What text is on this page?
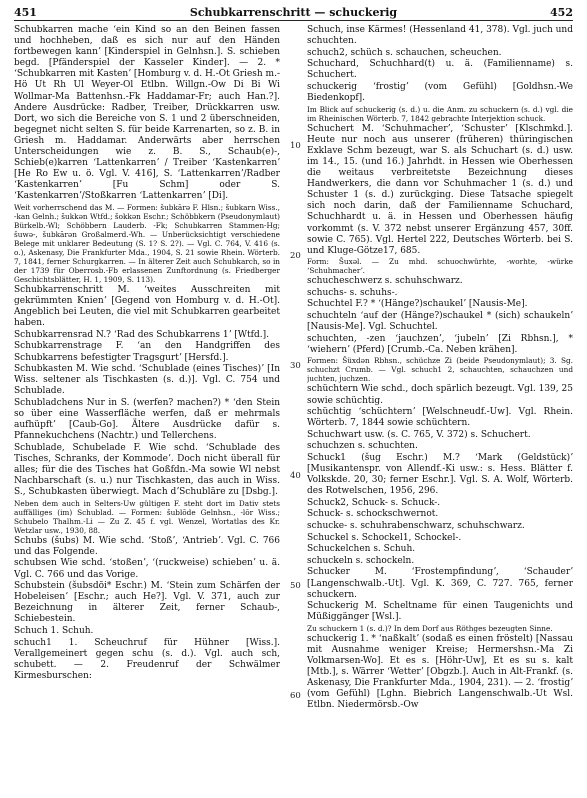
451	Schubkarrenschritt — schuckerig	452

Schubkarren mache ʻein Kind so an den Beinen fassen und hochheben, daß es sich nur auf den Händen fortbewegen kannʼ [Kinderspiel in Gelnhsn.]. S. schieben begd. [Pfänderspiel der Kasseler Kinder]. — 2. * ʻSchubkarren mit Kastenʼ [Homburg v. d. H.-Ot Griesh m.-Hö Ut Rh Ul Weyer-Ol Etlbn. Willgn.-Ow Di Bi Wi Wollmar-Ma Battenhsn.-Fk Haddamar-Fr; auch Han.?]. Andere Ausdrücke: Radber, Treiber, Drückkarren usw. Dort, wo sich die Bereiche von S. 1 und 2 überschneiden, begegnet nicht selten S. für beide Karrenarten, so z. B. in Griesh m. Haddamar. Anderwärts aber herrschen Unterscheidungen wie z. B. S., Schaub(e)-, Schieb(e)karren ʻLattenkarrenʼ / Treiber ʻKastenkarrenʼ [He Ro Ew u. ö. Vgl. V. 416], S. ʻLattenkarrenʼ/Radber ʻKastenkarrenʼ [Fu Schm] oder S. ʻKastenkarrenʼ/Stoßkarren ʻLattenkarrenʼ [Di].

Weit vorherrschend das M. — Formen: šubkārə F. Hlsn.; šubkarn Wiss., -kan Gelnh.; šukkən Wtfd.; šokkən Eschr.; Schöbbkern (Pseudonymlaut) Bürkelb.-Wl; Schöbbern Lauderb. -Fk; Schubkarren Stammen-Hg; šuwə-, šubkārən Großalmerd.-Wh. — Unberücksichtigt verschiedene Belege mit unklarer Bedeutung (S. 1? S. 2?). — Vgl. C. 764, V. 416 (s. o.), Askenasy, Die Frankfurter Mda., 1904, S. 21 sowie Rhein. Wörterb. 7, 1841, ferner Schurgkarren. — In älterer Zeit auch Schubkarch, so in der 1739 für Oberrosb.-Fb erlassenen Zunftordnung (s. Friedberger Geschichtsblätter, H. 1, 1909, S. 113).

Schubkarrenschritt M. ʻweites Ausschreiten mit gekrümmten Knienʼ [Gegend von Homburg v. d. H.-Ot]. Angeblich bei Leuten, die viel mit Schubkarren gearbeitet haben.

Schubkarrensrad N.? ʻRad des Schubkarrens 1ʼ [Wtfd.].

Schubkarrenstrage F. ʻan den Handgriffen des Schubkarrens befestigter Tragsgurtʼ [Hersfd.].

Schubkasten M. Wie schd. ʻSchublade (eines Tisches)ʼ [In Wiss. seltener als Tischkasten (s. d.)]. Vgl. C. 754 und Schublade.

Schubladchens Nur in S. (werfen? machen?) * ʻden Stein so über eine Wasserfläche werfen, daß er mehrmals aufhüpftʼ [Caub-Go]. Ältere Ausdrücke dafür s. Pfannekuchchens (Nachtr.) und Tellerchens.

Schublade, Schubelade F. Wie schd. ʻSchublade des Tisches, Schranks, der Kommodeʼ. Doch nicht überall für alles; für die des Tisches hat Goßfdn.-Ma sowie Wl nebst Nachbarschaft (s. u.) nur Tischkasten, das auch in Wiss. S., Schubkasten überwiegt. Mach dʼSchublāre zu [Dsbg.].

Neben dem auch in Selters-Uw gültigen F. steht dort im Dativ stets auffälliges (im) Schublad. — Formen: šublōde Gelnhsn., -lōr Wiss.; Schubelo Thalhm.-Li — Zu Z. 45 f. vgl. Wenzel, Wortatlas des Kr. Wetzlar usw., 1930, 88.

Schubs (šubs) M. Wie schd. ʻStoßʼ, ʻAntriebʼ. Vgl. C. 766 und das Folgende.

schubsen Wie schd. ʻstoßenʼ, ʻ(ruckweise) schiebenʼ u. ä. Vgl. C. 766 und das Vorige.

Schubstein (šubsdōi* Eschr.) M. ʻStein zum Schärfen der Hobeleisenʼ [Eschr.; auch He?]. Vgl. V. 371, auch zur Bezeichnung in älterer Zeit, ferner Schaub-, Schiebestein.

Schuch 1. Schuh.

schuch1 1. Scheuchruf für Hühner [Wiss.]. Verallgemeinert gegen schu (s. d.). Vgl. auch sch, schubett. — 2. Freudenruf der Schwälmer Kirmesburschen:

Schuch, inse Kärmes! (Hessenland 41, 378). Vgl. juch und schuchten.

schuch2, schüch s. schauchen, scheuchen.

Schuchard, Schuchhard(t) u. ä. (Familienname) s. Schuchert.

schuckerig ʻfrostigʼ (vom Gefühl) [Goldhsn.-We Biedenkopf].

Im Blick auf schuckerig (s. d.) u. die Anm. zu schuckern (s. d.) vgl. die im Rheinischen Wörterb. 7, 1842 gebrachte Interjektion schuck.

Schuchert M. ʻSchuhmacherʼ, ʻSchusterʼ [Klschmkd.]. Heute nur noch aus unserer (früheren) thüringischen Exklave Schm bezeugt, war S. als Schuchart (s. d.) usw. im 14., 15. (und 16.) Jahrhdt. in Hessen wie Oberhessen die weitaus verbreitetste Bezeichnung dieses Handwerkers, die dann vor Schuhmacher 1 (s. d.) und Schuster 1 (s. d.) zurückging. Diese Tatsache spiegelt sich noch darin, daß der Familienname Schuchard, Schuchhardt u. ä. in Hessen und Oberhessen häufig vorkommt (s. V. 372 nebst unserer Ergänzung 457, 30ff. sowie C. 765). Vgl. Hertel 222, Deutsches Wörterb. bei S. und Kluge-Götze17, 685.

Form: Šuxəl. — Zu mhd. schuochwürhte, -worhte, -würke ʻSchuhmacherʼ.

schucheschwerz s. schuhschwarz.

schuchs- s. schuhs-.

Schuchtel F.? * ʻ(Hänge?)schaukelʼ [Nausis-Me].

schuchteln ʻauf der (Hänge?)schaukel * (sich) schaukelnʼ [Nausis-Me]. Vgl. Schuchtel.

schuchten, -zen ʻjauchzenʼ, ʻjubelnʼ [Zi Rbhsn.], * ʻwiehernʼ (Pferd) [Crumb.-Ca. Neben krähen].

Formen: Šüxdən Rbhsn., schüchze Zi (beide Pseudonymlaut); 3. Sg. schuchzt Crumb. — Vgl. schuch1 2, schauchten, schauchzen und juchten, juchzen.

schüchtern Wie schd., doch spärlich bezeugt. Vgl. 139, 25 sowie schüchtig.

schüchtig ʻschüchternʼ [Welschneudf.-Uw]. Vgl. Rhein. Wörterb. 7, 1844 sowie schüchtern.

Schuchwart usw. (s. C. 765, V. 372) s. Schuchert.

schuchzen s. schuchten.

Schuck1 (šug Eschr.) M.? ʻMark (Geldstück)ʼ [Musikantenspr. von Allendf.-Ki usw.: s. Hess. Blätter f. Volkskde. 20, 30; ferner Eschr.]. Vgl. S. A. Wolf, Wörterb. des Rotwelschen, 1956, 296.

Schuck2, Schuck- s. Schuck-.

Schuck- s. schockschwernot.

schucke- s. schuhrabenschwarz, schuhschwarz.

Schuckel s. Schockel1, Schockel-.

Schuckelchen s. Schuh.

schuckeln s. schockeln.

Schucker M. ʻFrostempfindungʼ, ʻSchauderʼ [Langenschwalb.-Ut]. Vgl. K. 369, C. 727. 765, ferner schuckern.

Schuckerig M. Scheltname für einen Taugenichts und Müßiggänger [Wsl.].

Zu schuckern 1 (s. d.)? In dem Dorf aus Röthges bezeugten Sinne.

schuckerig 1. * ʻnaßkaltʼ (sodaß es einen fröstelt) [Nassau mit Ausnahme weniger Kreise; Hermershsn.-Ma Zi Volkmarsen-Wo]. Et es s. [Höhr-Uw], Et es su s. kalt [Mtb.], s. Wärrer ʻWetterʼ [Obgzb.]. Auch in Alt-Frankf. (s. Askenasy, Die Frankfurter Mda., 1904, 231). — 2. ʻfrostigʼ (vom Gefühl) [Lghn. Biebrich Langenschwalb.-Ut Wsl. Etlbn. Niedermörsb.-Ow

10
20
30
40
50
60
